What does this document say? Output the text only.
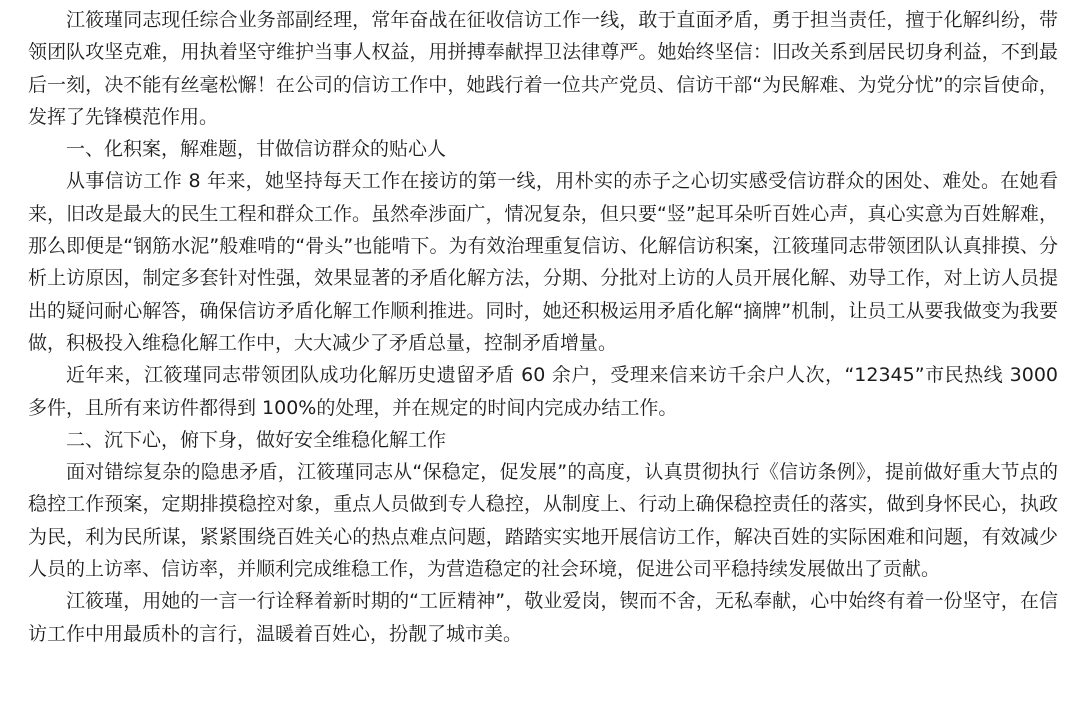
江筱瑾同志现任综合业务部副经理，常年奋战在征收信访工作一线，敢于直面矛盾，勇于担当责任，擅于化解纠纷，带领团队攻坚克难，用执着坚守维护当事人权益，用拼搏奉献捍卫法律尊严。她始终坚信：旧改关系到居民切身利益，不到最后一刻，决不能有丝毫松懈！在公司的信访工作中，她践行着一位共产党员、信访干部“为民解难、为党分忧”的宗旨使命，发挥了先锋模范作用。

一、化积案，解难题，甘做信访群众的贴心人

从事信访工作 8 年来，她坚持每天工作在接访的第一线，用朴实的赤子之心切实感受信访群众的困处、难处。在她看来，旧改是最大的民生工程和群众工作。虽然牵涉面广，情况复杂，但只要“竖”起耳朵听百姓心声，真心实意为百姓解难，那么即便是“钢筋水泥”般难啃的“骨头”也能啃下。为有效治理重复信访、化解信访积案，江筱瑾同志带领团队认真排摸、分析上访原因，制定多套针对性强，效果显著的矛盾化解方法，分期、分批对上访的人员开展化解、劝导工作，对上访人员提出的疑问耐心解答，确保信访矛盾化解工作顺利推进。同时，她还积极运用矛盾化解“摘牌”机制，让员工从要我做变为我要做，积极投入维稳化解工作中，大大减少了矛盾总量，控制矛盾增量。

近年来，江筱瑾同志带领团队成功化解历史遗留矛盾 60 余户，受理来信来访千余户人次，“12345”市民热线 3000 多件，且所有来访件都得到 100%的处理，并在规定的时间内完成办结工作。

二、沉下心，俯下身，做好安全维稳化解工作

面对错综复杂的隐患矛盾，江筱瑾同志从“保稳定，促发展”的高度，认真贯彻执行《信访条例》，提前做好重大节点的稳控工作预案，定期排摸稳控对象，重点人员做到专人稳控，从制度上、行动上确保稳控责任的落实，做到身怀民心，执政为民，利为民所谋，紧紧围绕百姓关心的热点难点问题，踏踏实实地开展信访工作，解决百姓的实际困难和问题，有效减少人员的上访率、信访率，并顺利完成维稳工作，为营造稳定的社会环境，促进公司平稳持续发展做出了贡献。

江筱瑾，用她的一言一行诠释着新时期的“工匠精神”，敬业爱岗，锲而不舍，无私奉献，心中始终有着一份坚守，在信访工作中用最质朴的言行，温暖着百姓心，扮靓了城市美。
